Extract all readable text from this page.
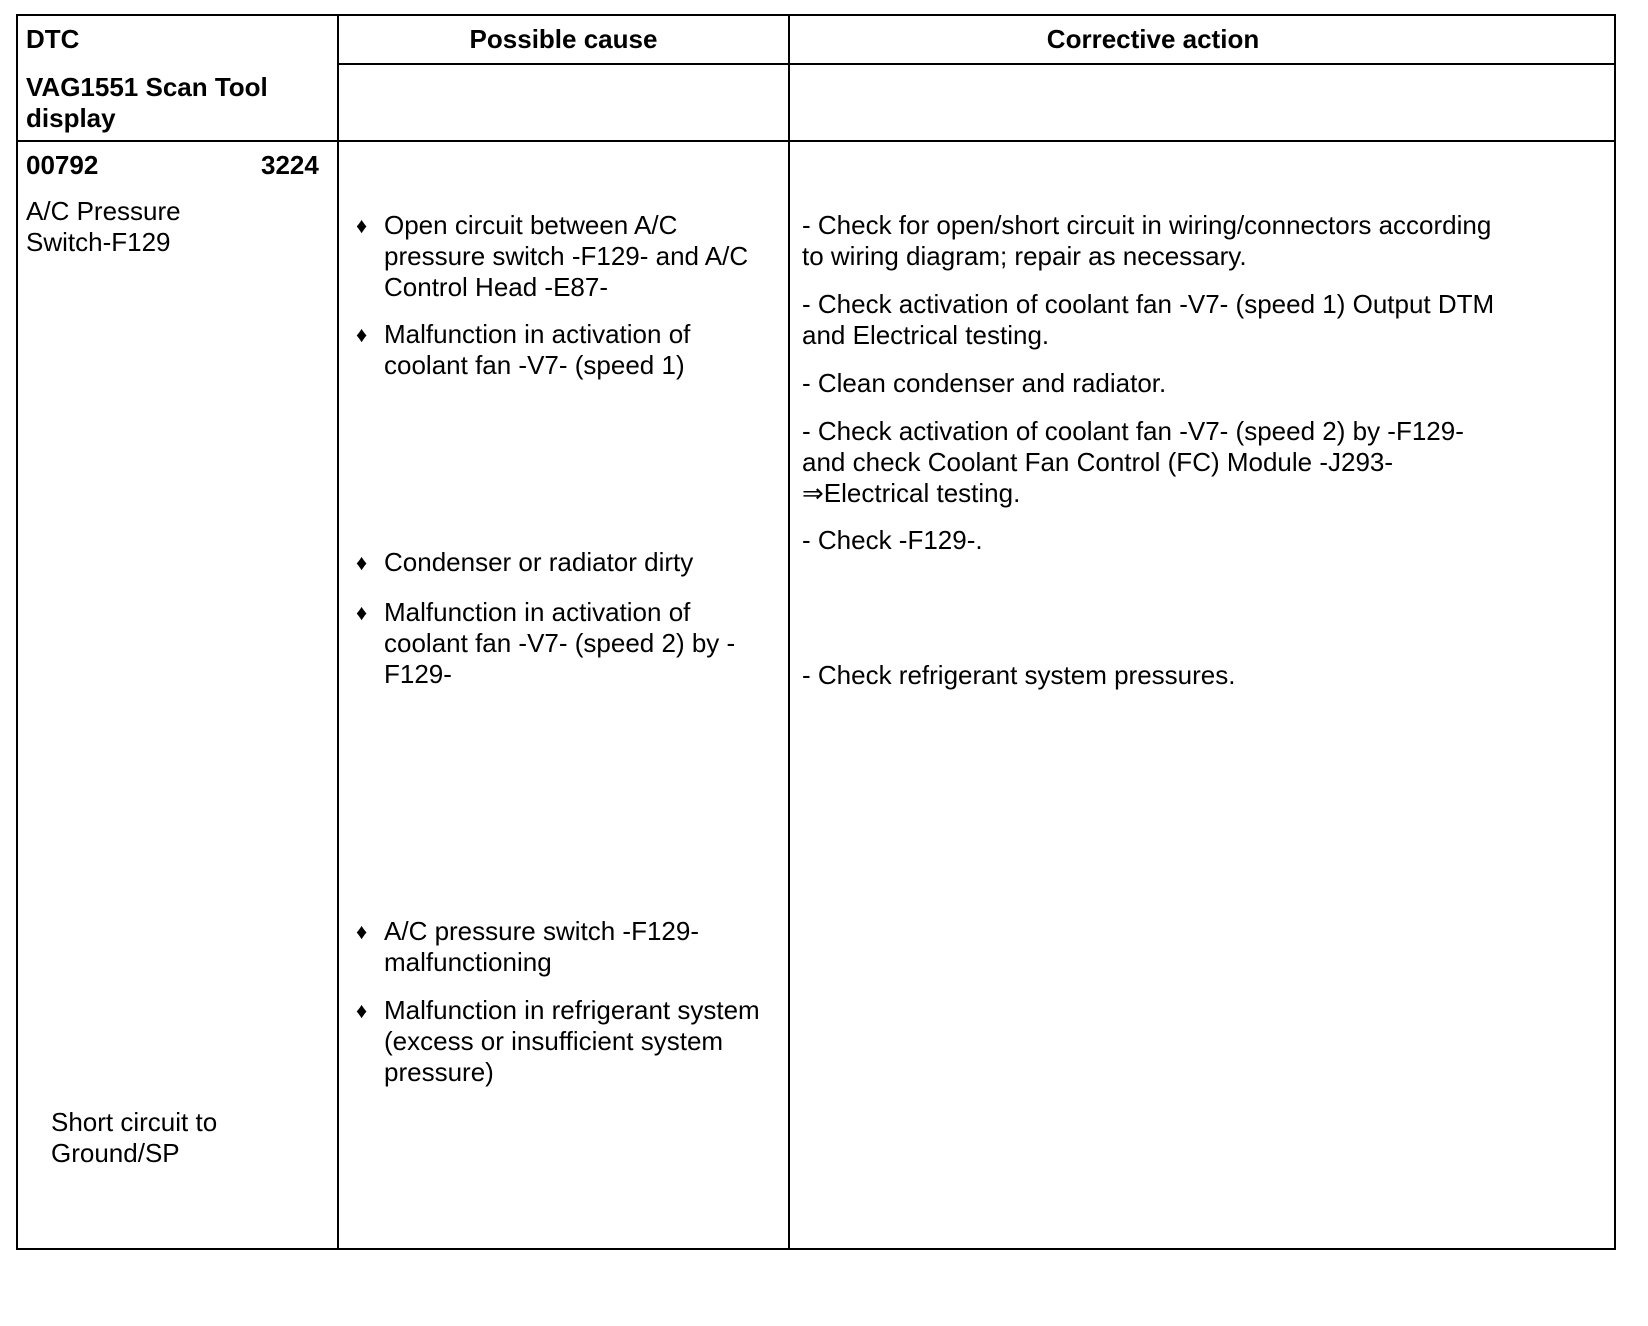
DTC
VAG1551 Scan Tool display
Possible cause	Corrective action
00792	3224
A/C Pressure Switch-F129
Short circuit to Ground/SP
♦ Open circuit between A/C pressure switch -F129- and A/C Control Head -E87-
♦ Malfunction in activation of coolant fan -V7- (speed 1)
♦ Condenser or radiator dirty
♦ Malfunction in activation of coolant fan -V7- (speed 2) by -F129-
♦ A/C pressure switch -F129- malfunctioning
♦ Malfunction in refrigerant system (excess or insufficient system pressure)
- Check for open/short circuit in wiring/connectors according to wiring diagram; repair as necessary.
- Check activation of coolant fan -V7- (speed 1) Output DTM and Electrical testing.
- Clean condenser and radiator.
- Check activation of coolant fan -V7- (speed 2) by -F129- and check Coolant Fan Control (FC) Module -J293- ⇒Electrical testing.
- Check -F129-.
- Check refrigerant system pressures.
